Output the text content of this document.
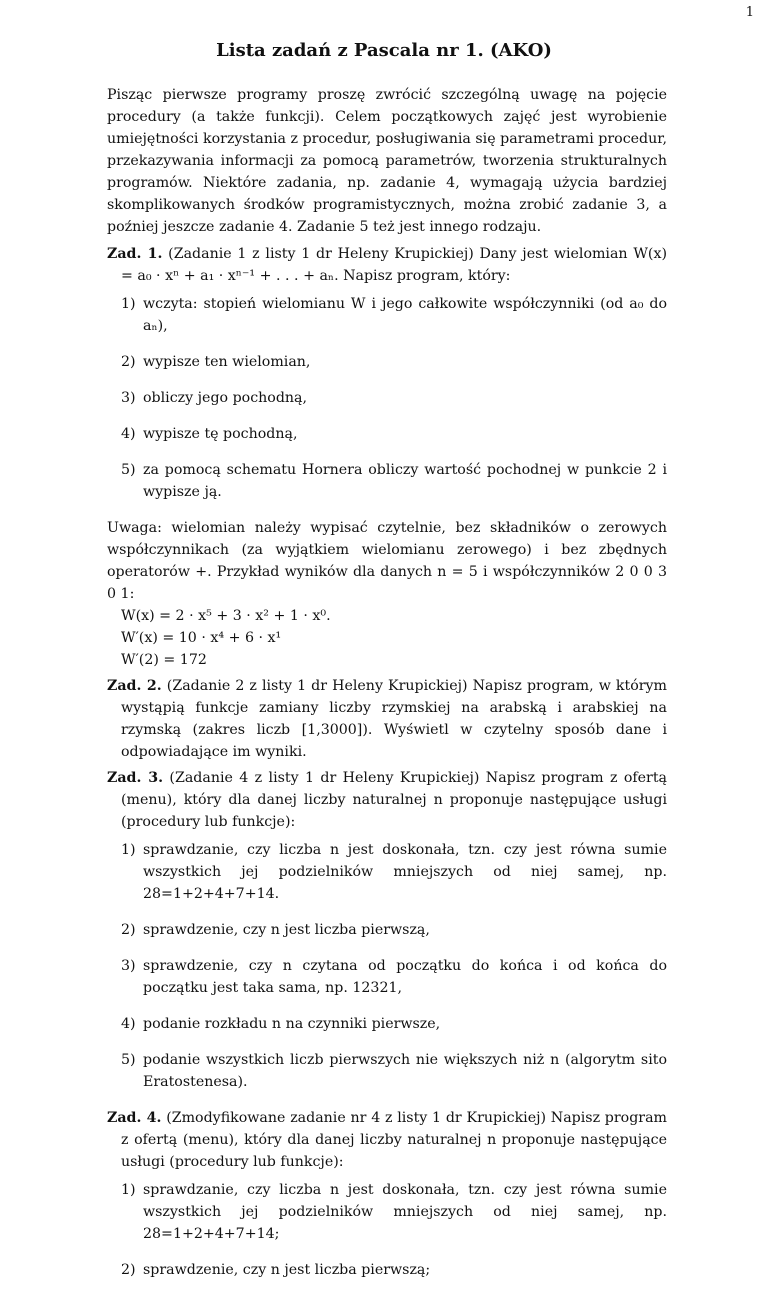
1
Lista zadań z Pascala nr 1. (AKO)

Pisząc pierwsze programy proszę zwrócić szczególną uwagę na pojęcie procedury (a także funkcji). Celem początkowych zajęć jest wyrobienie umiejętności korzystania z procedur, posługiwania się parametrami procedur, przekazywania informacji za pomocą parametrów, tworzenia strukturalnych programów. Niektóre zadania, np. zadanie 4, wymagają użycia bardziej skomplikowanych środków programistycznych, można zrobić zadanie 3, a poźniej jeszcze zadanie 4. Zadanie 5 też jest innego rodzaju.

Zad. 1. (Zadanie 1 z listy 1 dr Heleny Krupickiej) Dany jest wielomian W(x) = a₀ · xⁿ + a₁ · xⁿ⁻¹ + . . . + aₙ. Napisz program, który:

1) wczyta: stopień wielomianu W i jego całkowite współczynniki (od a₀ do aₙ),
2) wypisze ten wielomian,
3) obliczy jego pochodną,
4) wypisze tę pochodną,
5) za pomocą schematu Hornera obliczy wartość pochodnej w punkcie 2 i wypisze ją.

Uwaga: wielomian należy wypisać czytelnie, bez składników o zerowych współczynnikach (za wyjątkiem wielomianu zerowego) i bez zbędnych operatorów +. Przykład wyników dla danych n = 5 i współczynników 2 0 0 3 0 1:

W(x) = 2 · x⁵ + 3 · x² + 1 · x⁰.
W′(x) = 10 · x⁴ + 6 · x¹
W′(2) = 172

Zad. 2. (Zadanie 2 z listy 1 dr Heleny Krupickiej) Napisz program, w którym wystąpią funkcje zamiany liczby rzymskiej na arabską i arabskiej na rzymską (zakres liczb [1,3000]). Wyświetl w czytelny sposób dane i odpowiadające im wyniki.

Zad. 3. (Zadanie 4 z listy 1 dr Heleny Krupickiej) Napisz program z ofertą (menu), który dla danej liczby naturalnej n proponuje następujące usługi (procedury lub funkcje):

1) sprawdzanie, czy liczba n jest doskonała, tzn. czy jest równa sumie wszystkich jej podzielników mniejszych od niej samej, np. 28=1+2+4+7+14.
2) sprawdzenie, czy n jest liczba pierwszą,
3) sprawdzenie, czy n czytana od początku do końca i od końca do początku jest taka sama, np. 12321,
4) podanie rozkładu n na czynniki pierwsze,
5) podanie wszystkich liczb pierwszych nie większych niż n (algorytm sito Eratostenesa).

Zad. 4. (Zmodyfikowane zadanie nr 4 z listy 1 dr Krupickiej) Napisz program z ofertą (menu), który dla danej liczby naturalnej n proponuje następujące usługi (procedury lub funkcje):

1) sprawdzanie, czy liczba n jest doskonała, tzn. czy jest równa sumie wszystkich jej podzielników mniejszych od niej samej, np. 28=1+2+4+7+14;
2) sprawdzenie, czy n jest liczba pierwszą;
